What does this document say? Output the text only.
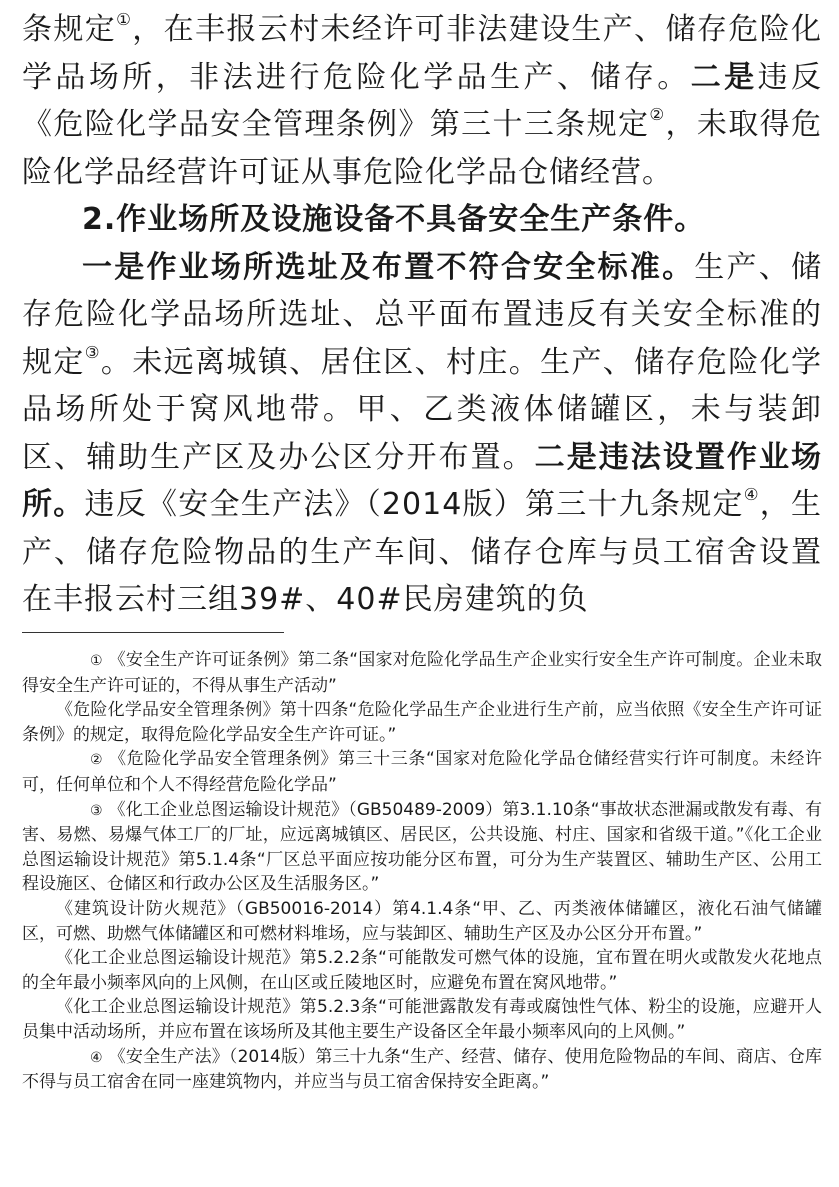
条规定①，在丰报云村未经许可非法建设生产、储存危险化学品场所，非法进行危险化学品生产、储存。二是违反《危险化学品安全管理条例》第三十三条规定②，未取得危险化学品经营许可证从事危险化学品仓储经营。

2.作业场所及设施设备不具备安全生产条件。

一是作业场所选址及布置不符合安全标准。生产、储存危险化学品场所选址、总平面布置违反有关安全标准的规定③。未远离城镇、居住区、村庄。生产、储存危险化学品场所处于窝风地带。甲、乙类液体储罐区，未与装卸区、辅助生产区及办公区分开布置。二是违法设置作业场所。违反《安全生产法》（2014版）第三十九条规定④，生产、储存危险物品的生产车间、储存仓库与员工宿舍设置在丰报云村三组39#、40#民房建筑的负

① 《安全生产许可证条例》第二条“国家对危险化学品生产企业实行安全生产许可制度。企业未取得安全生产许可证的，不得从事生产活动”

《危险化学品安全管理条例》第十四条“危险化学品生产企业进行生产前，应当依照《安全生产许可证条例》的规定，取得危险化学品安全生产许可证。”

② 《危险化学品安全管理条例》第三十三条“国家对危险化学品仓储经营实行许可制度。未经许可，任何单位和个人不得经营危险化学品”

③ 《化工企业总图运输设计规范》（GB50489-2009）第3.1.10条“事故状态泄漏或散发有毒、有害、易燃、易爆气体工厂的厂址，应远离城镇区、居民区，公共设施、村庄、国家和省级干道。”《化工企业总图运输设计规范》第5.1.4条“厂区总平面应按功能分区布置，可分为生产装置区、辅助生产区、公用工程设施区、仓储区和行政办公区及生活服务区。”

《建筑设计防火规范》（GB50016-2014）第4.1.4条“甲、乙、丙类液体储罐区，液化石油气储罐区，可燃、助燃气体储罐区和可燃材料堆场，应与装卸区、辅助生产区及办公区分开布置。”

《化工企业总图运输设计规范》第5.2.2条“可能散发可燃气体的设施，宜布置在明火或散发火花地点的全年最小频率风向的上风侧，在山区或丘陵地区时，应避免布置在窝风地带。”

《化工企业总图运输设计规范》第5.2.3条“可能泄露散发有毒或腐蚀性气体、粉尘的设施，应避开人员集中活动场所，并应布置在该场所及其他主要生产设备区全年最小频率风向的上风侧。”

④ 《安全生产法》（2014版）第三十九条“生产、经营、储存、使用危险物品的车间、商店、仓库不得与员工宿舍在同一座建筑物内，并应当与员工宿舍保持安全距离。”
